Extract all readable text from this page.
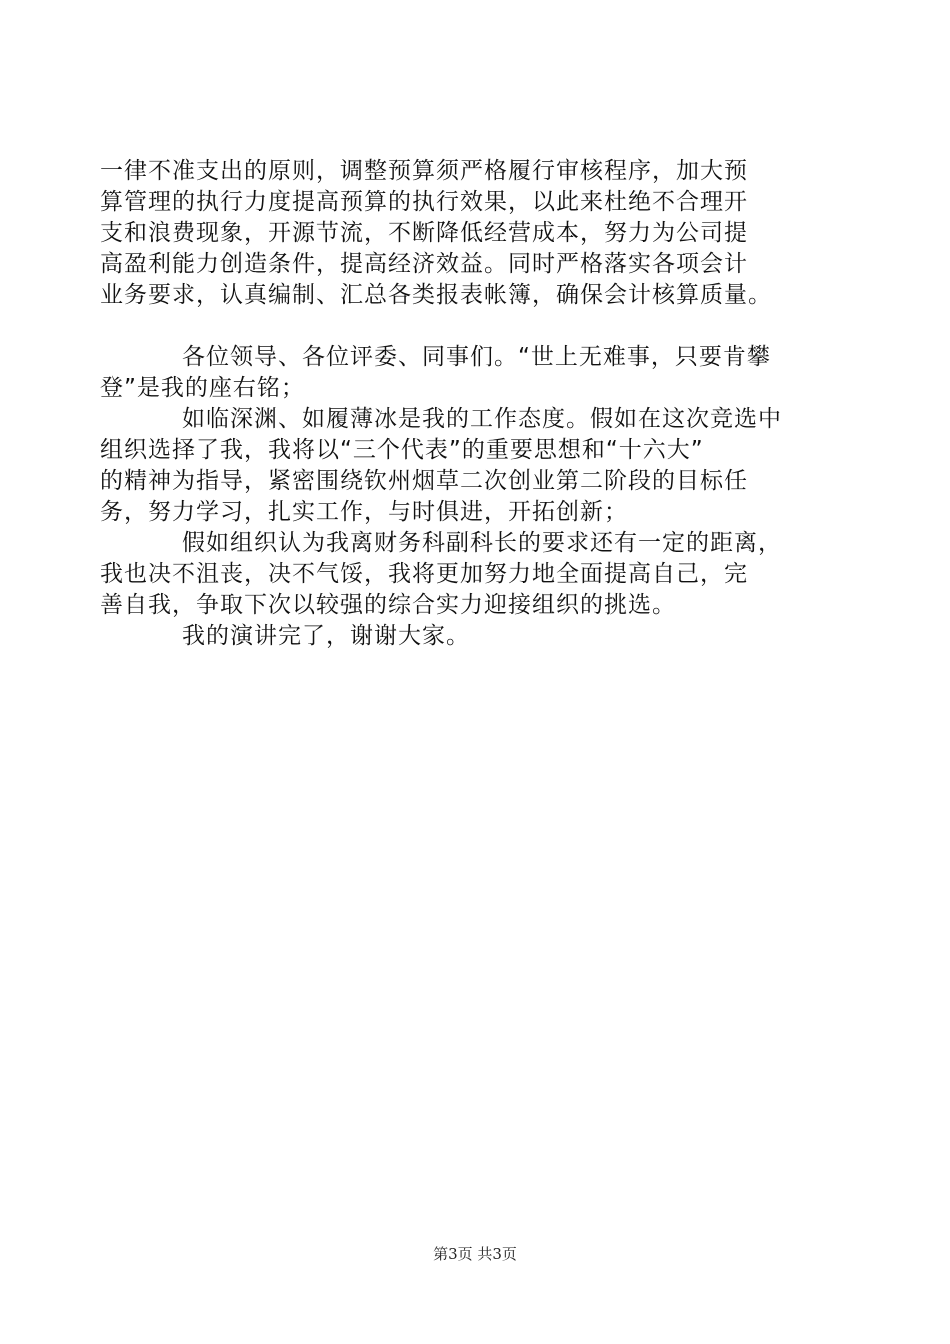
一律不准支出的原则，调整预算须严格履行审核程序，加大预
算管理的执行力度提高预算的执行效果，以此来杜绝不合理开
支和浪费现象，开源节流，不断降低经营成本，努力为公司提
高盈利能力创造条件，提高经济效益。同时严格落实各项会计
业务要求，认真编制、汇总各类报表帐簿，确保会计核算质量。
各位领导、各位评委、同事们。“世上无难事，只要肯攀
登”是我的座右铭；
如临深渊、如履薄冰是我的工作态度。假如在这次竞选中
组织选择了我，我将以“三个代表”的重要思想和“十六大”
的精神为指导，紧密围绕钦州烟草二次创业第二阶段的目标任
务，努力学习，扎实工作，与时俱进，开拓创新；
假如组织认为我离财务科副科长的要求还有一定的距离，
我也决不沮丧，决不气馁，我将更加努力地全面提高自己，完
善自我，争取下次以较强的综合实力迎接组织的挑选。
我的演讲完了，谢谢大家。
第3页 共3页
